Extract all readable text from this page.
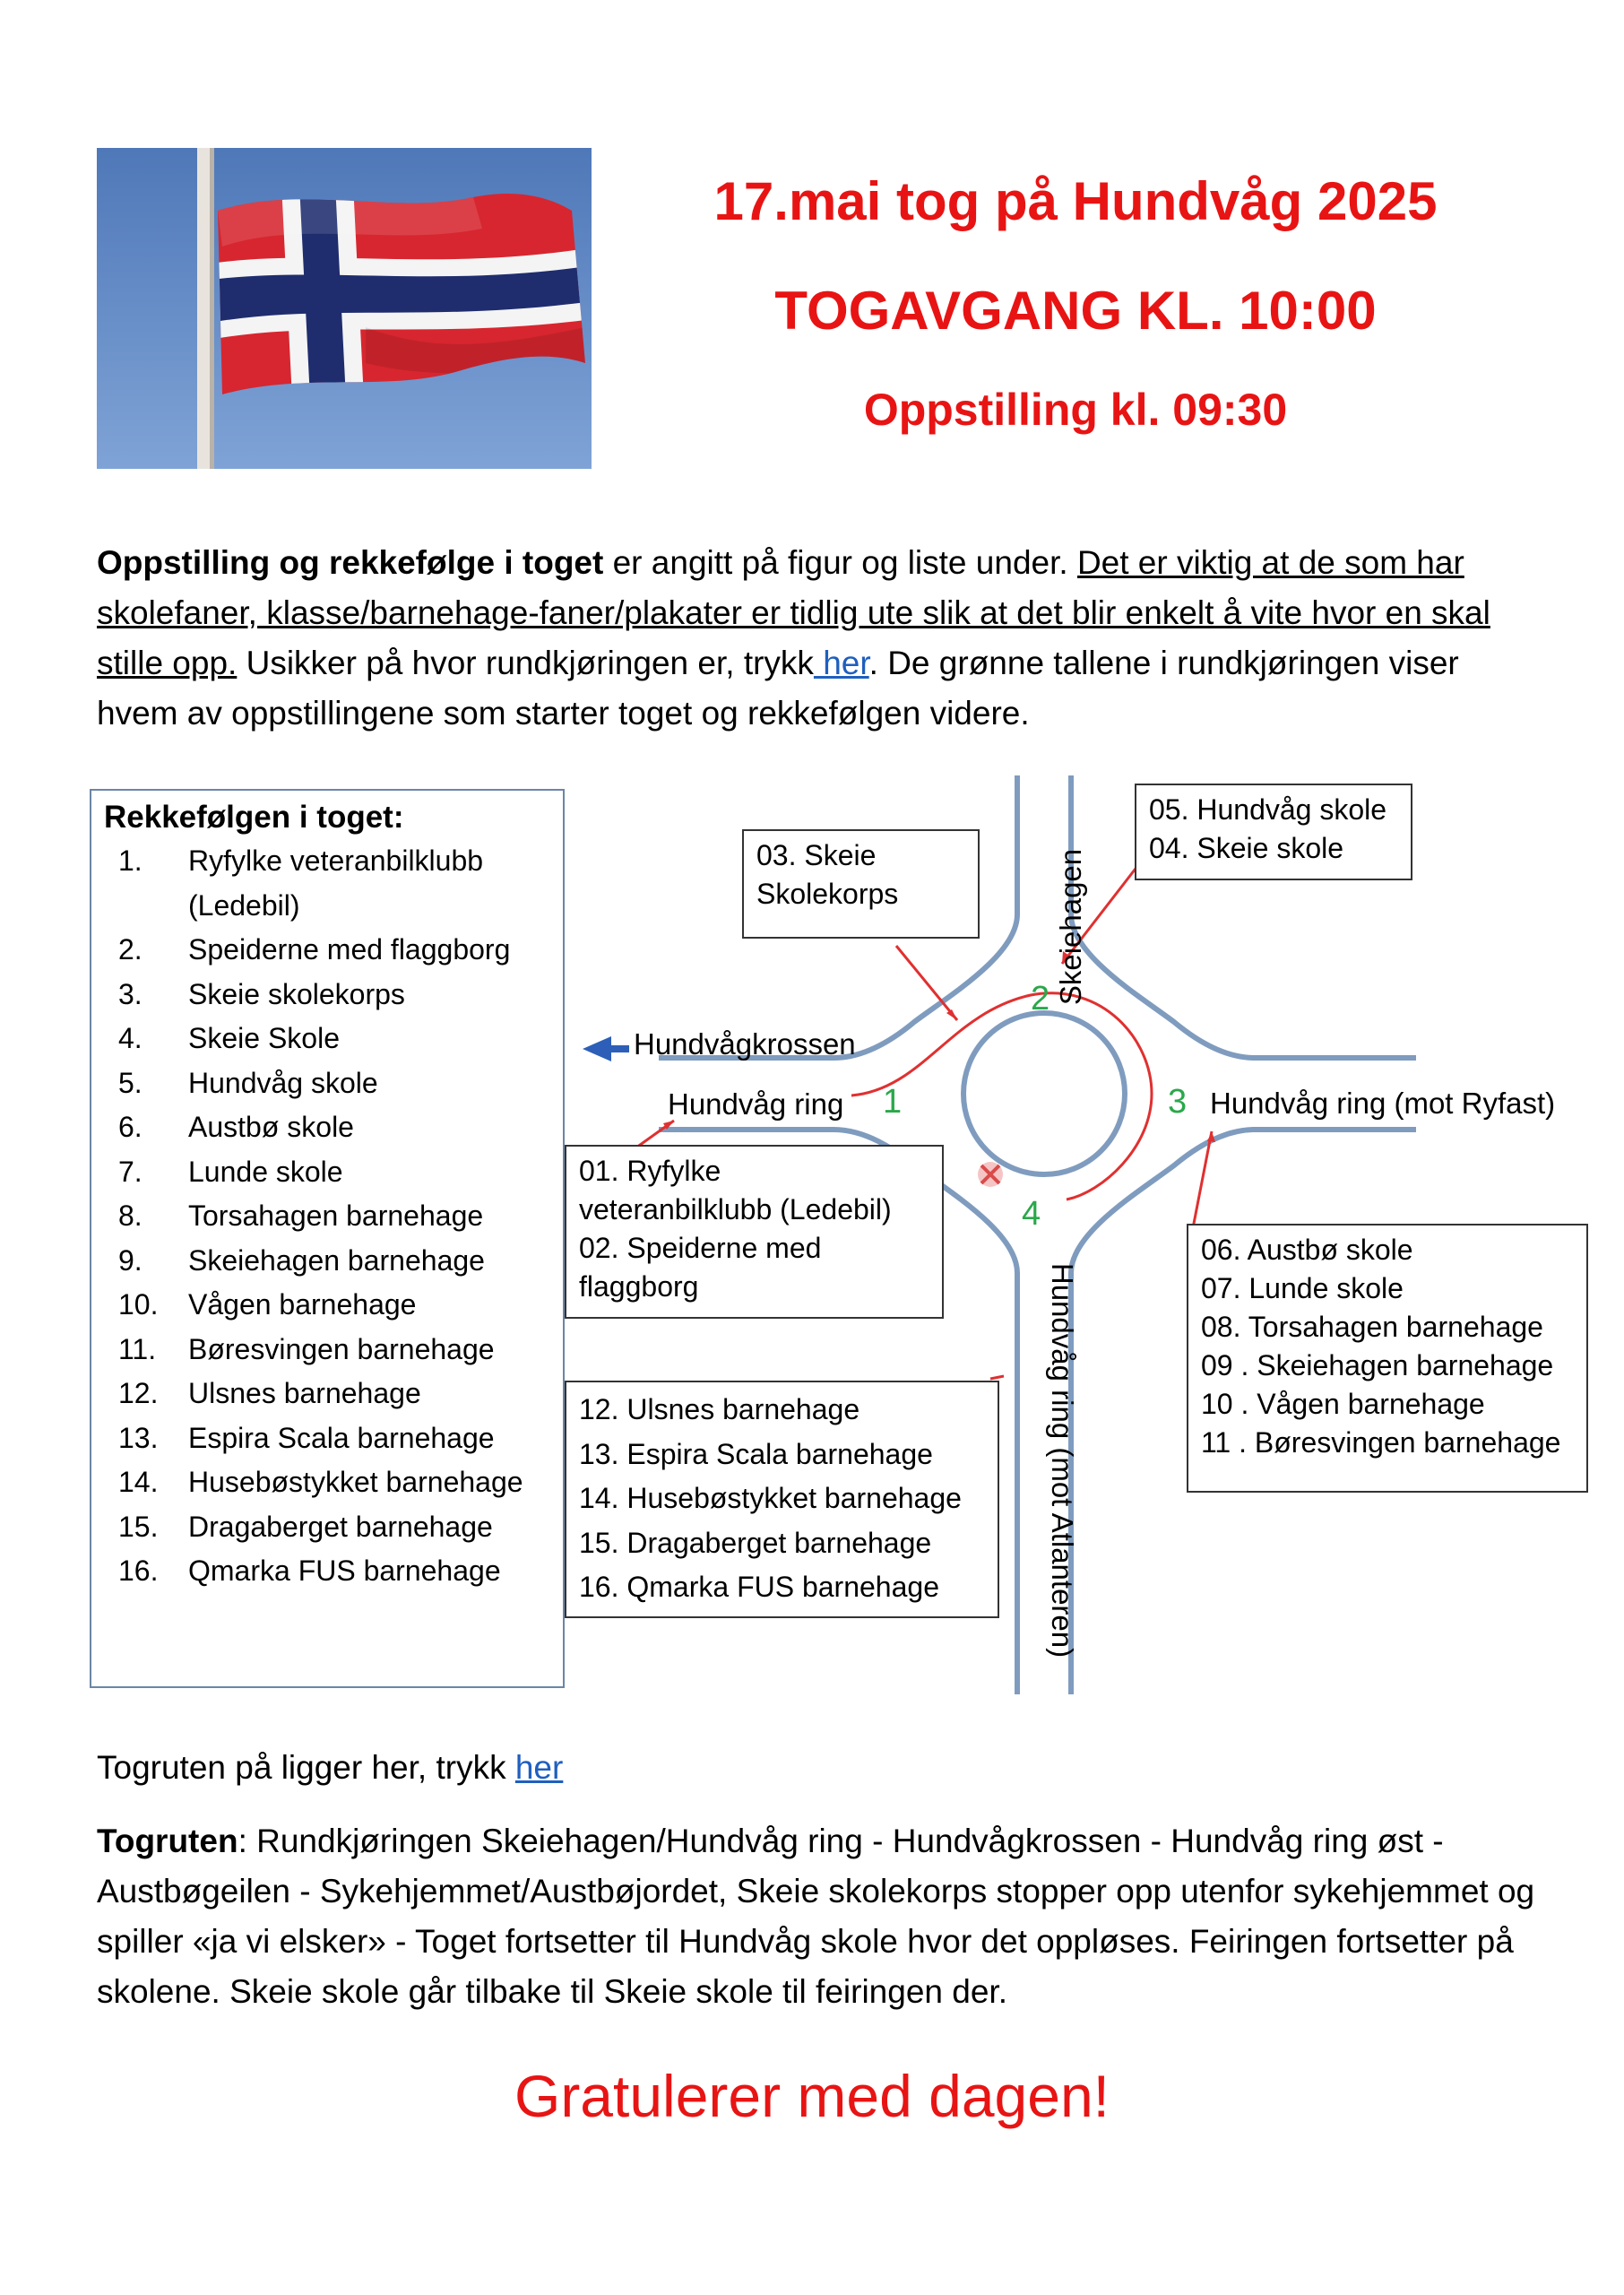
17.mai tog på Hundvåg 2025
TOGAVGANG KL. 10:00
Oppstilling kl. 09:30
Oppstilling og rekkefølge i toget er angitt på figur og liste under. Det er viktig at de som har skolefaner, klasse/barnehage-faner/plakater er tidlig ute slik at det blir enkelt å vite hvor en skal stille opp. Usikker på hvor rundkjøringen er, trykk her. De grønne tallene i rundkjøringen viser hvem av oppstillingene som starter toget og rekkefølgen videre.
Rekkefølgen i toget:
1.	Ryfylke veteranbilklubb
(Ledebil)
2.	Speiderne med flaggborg
3.	Skeie skolekorps
4.	Skeie Skole
5.	Hundvåg skole
6.	Austbø skole
7.	Lunde skole
8.	Torsahagen barnehage
9.	Skeiehagen barnehage
10.	Vågen barnehage
11.	Børesvingen barnehage
12.	Ulsnes barnehage
13.	Espira Scala barnehage
14.	Husebøstykket barnehage
15.	Dragaberget barnehage
16.	Qmarka FUS barnehage
Hundvågkrossen
Hundvåg ring	Hundvåg ring (mot Ryfast)
Skeiehagen
Hundvåg ring (mot Atlanteren)
1
2
3
4
03. Skeie
Skolekorps
05. Hundvåg skole
04. Skeie skole
01. Ryfylke
veteranbilklubb (Ledebil)
02. Speiderne med
flaggborg
06. Austbø skole
07. Lunde skole
08. Torsahagen barnehage
09 . Skeiehagen barnehage
10 . Vågen barnehage
11 . Børesvingen barnehage
12. Ulsnes barnehage
13. Espira Scala barnehage
14. Husebøstykket barnehage
15. Dragaberget barnehage
16. Qmarka FUS barnehage
Togruten på ligger her, trykk her
Togruten: Rundkjøringen Skeiehagen/Hundvåg ring - Hundvågkrossen - Hundvåg ring øst - Austbøgeilen - Sykehjemmet/Austbøjordet, Skeie skolekorps stopper opp utenfor sykehjemmet og spiller «ja vi elsker» - Toget fortsetter til Hundvåg skole hvor det oppløses. Feiringen fortsetter på skolene. Skeie skole går tilbake til Skeie skole til feiringen der.
Gratulerer med dagen!
